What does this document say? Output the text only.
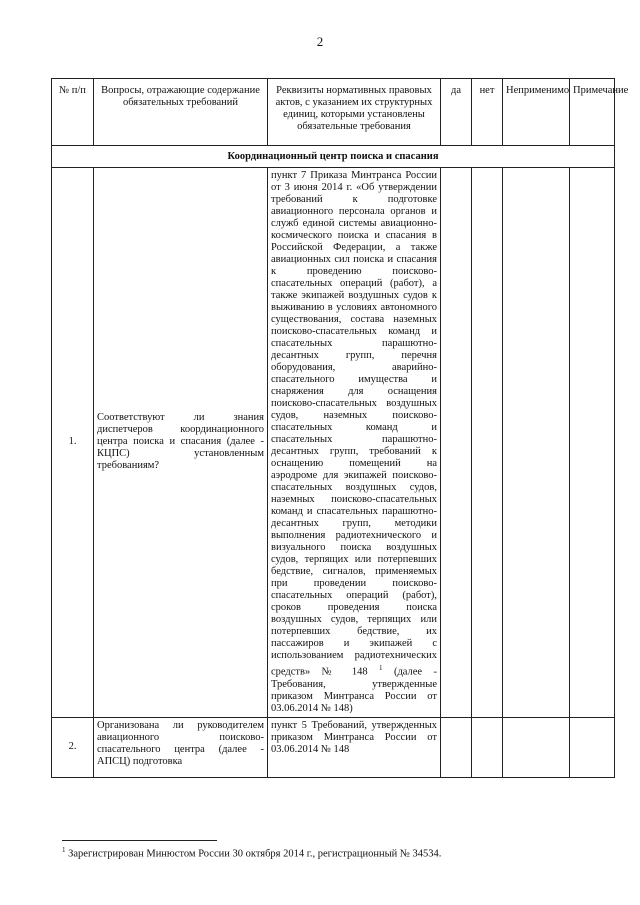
2
№ п/п	Вопросы, отражающие содержание обязательных требований	Реквизиты нормативных правовых актов, с указанием их структурных единиц, которыми установлены обязательные требования	да	нет	Неприменимо	Примечание
Координационный центр поиска и спасания						
1.	Соответствуют ли знания диспетчеров координационного центра поиска и спасания (далее - КЦПС) установленным требованиям?	пункт 7 Приказа Минтранса России от 3 июня 2014 г. «Об утверждении требований к подготовке авиационного персонала органов и служб единой системы авиационно-космического поиска и спасания в Российской Федерации, а также авиационных сил поиска и спасания к проведению поисково-спасательных операций (работ), а также экипажей воздушных судов к выживанию в условиях автономного существования, состава наземных поисково-спасательных команд и спасательных парашютно-десантных групп, перечня оборудования, аварийно-спасательного имущества и снаряжения для оснащения поисково-спасательных воздушных судов, наземных поисково-спасательных команд и спасательных парашютно-десантных групп, требований к оснащению помещений на аэродроме для экипажей поисково-спасательных воздушных судов, наземных поисково-спасательных команд и спасательных парашютно-десантных групп, методики выполнения радиотехнического и визуального поиска воздушных судов, терпящих или потерпевших бедствие, сигналов, применяемых при проведении поисково-спасательных операций (работ), сроков проведения поиска воздушных судов, терпящих или потерпевших бедствие, их пассажиров и экипажей с использованием радиотехнических средств» № 148 $^1$ (далее - Требования, утвержденные приказом Минтранса России от 03.06.2014 № 148)				
2.	Организована ли руководителем авиационного поисково-спасательного центра (далее - АПСЦ) подготовка	пункт 5 Требований, утвержденных приказом Минтранса России от 03.06.2014 № 148				
$^1$ Зарегистрирован Минюстом России 30 октября 2014 г., регистрационный № 34534.
